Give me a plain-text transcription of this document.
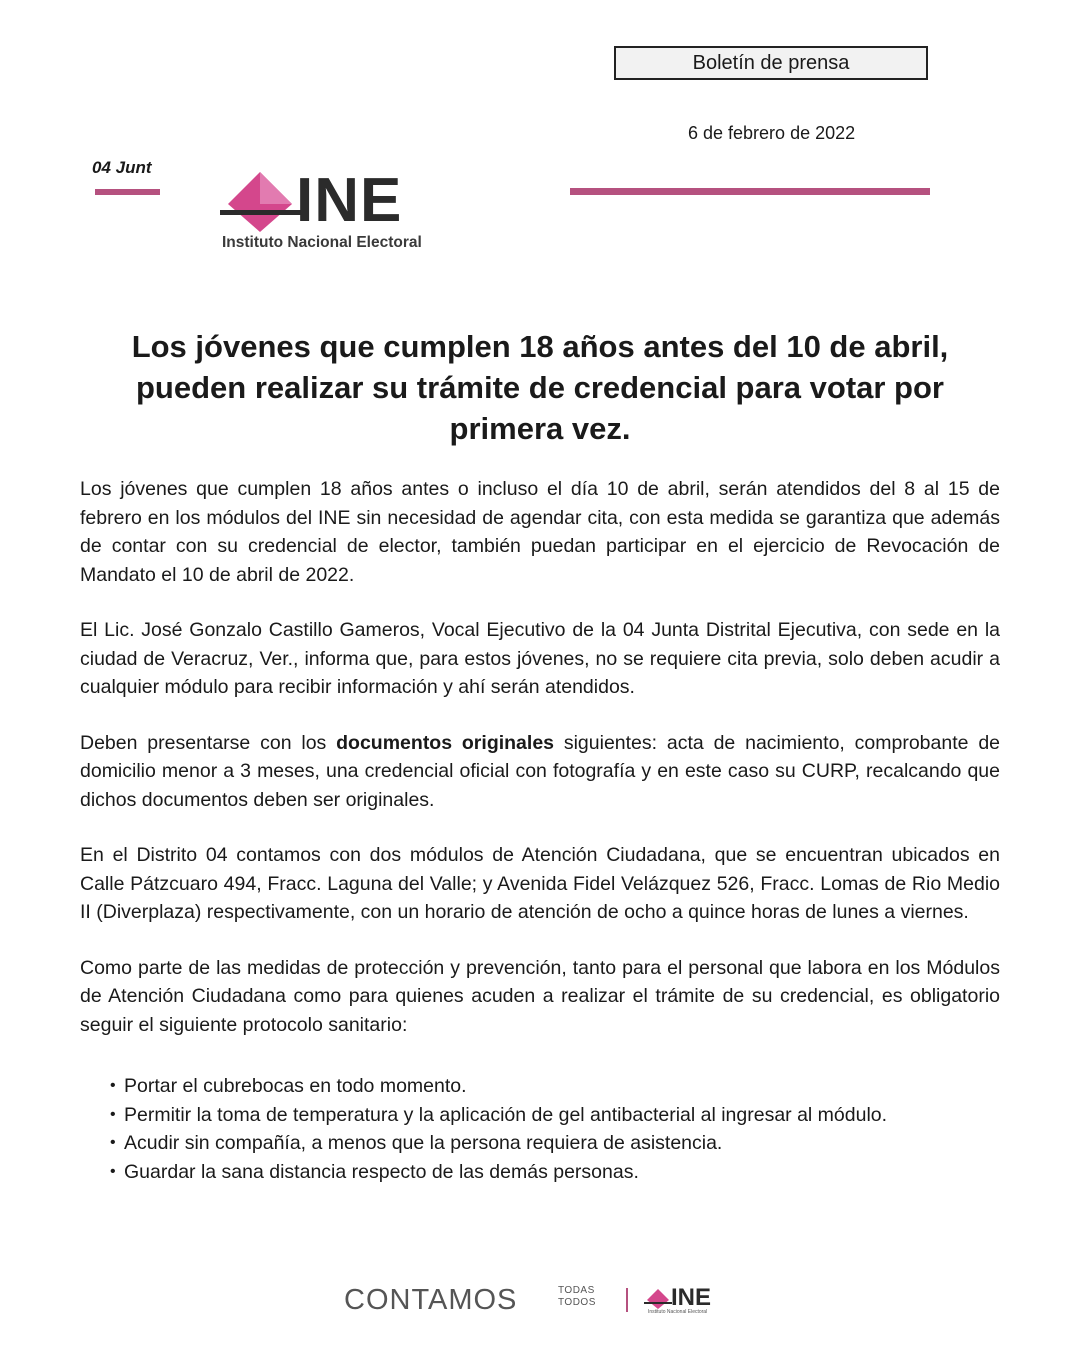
Boletín de prensa
6 de febrero de 2022
04 Junt INE
Instituto Nacional Electoral
Los jóvenes que cumplen 18 años antes del 10 de abril, pueden realizar su trámite de credencial para votar por primera vez.

Los jóvenes que cumplen 18 años antes o incluso el día 10 de abril, serán atendidos del 8 al 15 de febrero en los módulos del INE sin necesidad de agendar cita, con esta medida se garantiza que además de contar con su credencial de elector, también puedan participar en el ejercicio de Revocación de Mandato el 10 de abril de 2022.

El Lic. José Gonzalo Castillo Gameros, Vocal Ejecutivo de la 04 Junta Distrital Ejecutiva, con sede en la ciudad de Veracruz, Ver., informa que, para estos jóvenes, no se requiere cita previa, solo deben acudir a cualquier módulo para recibir información y ahí serán atendidos.

Deben presentarse con los documentos originales siguientes: acta de nacimiento, comprobante de domicilio menor a 3 meses, una credencial oficial con fotografía y en este caso su CURP, recalcando que dichos documentos deben ser originales.

En el Distrito 04 contamos con dos módulos de Atención Ciudadana, que se encuentran ubicados en Calle Pátzcuaro 494, Fracc. Laguna del Valle; y Avenida Fidel Velázquez 526, Fracc. Lomas de Rio Medio II (Diverplaza) respectivamente, con un horario de atención de ocho a quince horas de lunes a viernes.

Como parte de las medidas de protección y prevención, tanto para el personal que labora en los Módulos de Atención Ciudadana como para quienes acuden a realizar el trámite de su credencial, es obligatorio seguir el siguiente protocolo sanitario:

• Portar el cubrebocas en todo momento.
• Permitir la toma de temperatura y la aplicación de gel antibacterial al ingresar al módulo.
• Acudir sin compañía, a menos que la persona requiera de asistencia.
• Guardar la sana distancia respecto de las demás personas.
CONTAMOS	TODAS
TODOS	INE
Instituto Nacional Electoral
